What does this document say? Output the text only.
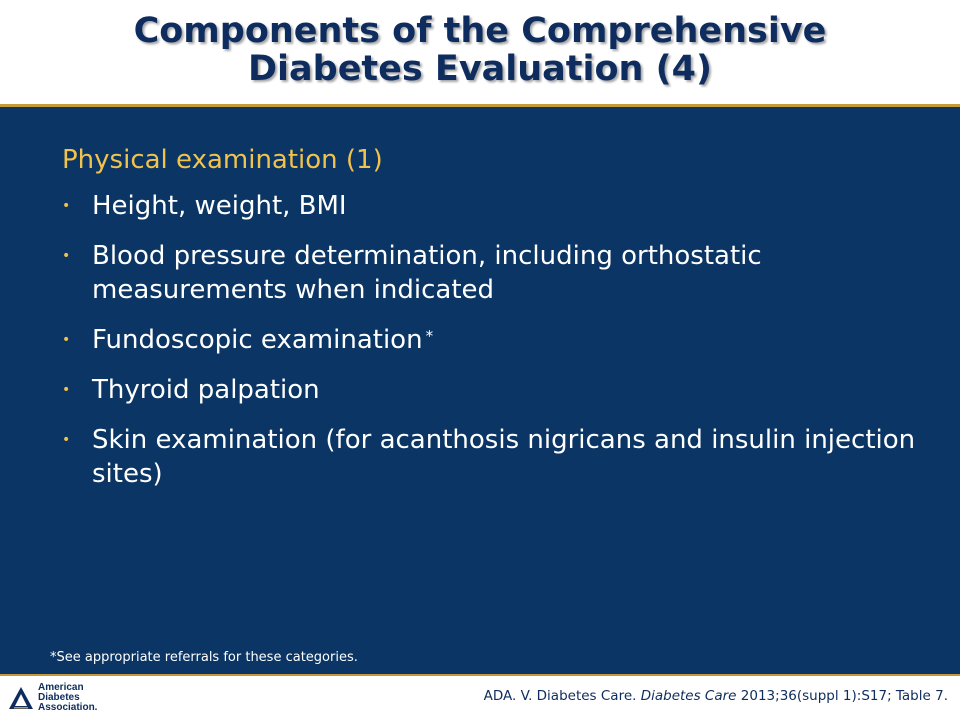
Components of the Comprehensive
Diabetes Evaluation (4)

Physical examination (1)

• Height, weight, BMI
• Blood pressure determination, including orthostatic measurements when indicated
• Fundoscopic examination *
• Thyroid palpation
• Skin examination (for acanthosis nigricans and insulin injection sites)

*See appropriate referrals for these categories.

American
Diabetes
Association.

ADA. V. Diabetes Care. Diabetes Care 2013;36(suppl 1):S17; Table 7.
